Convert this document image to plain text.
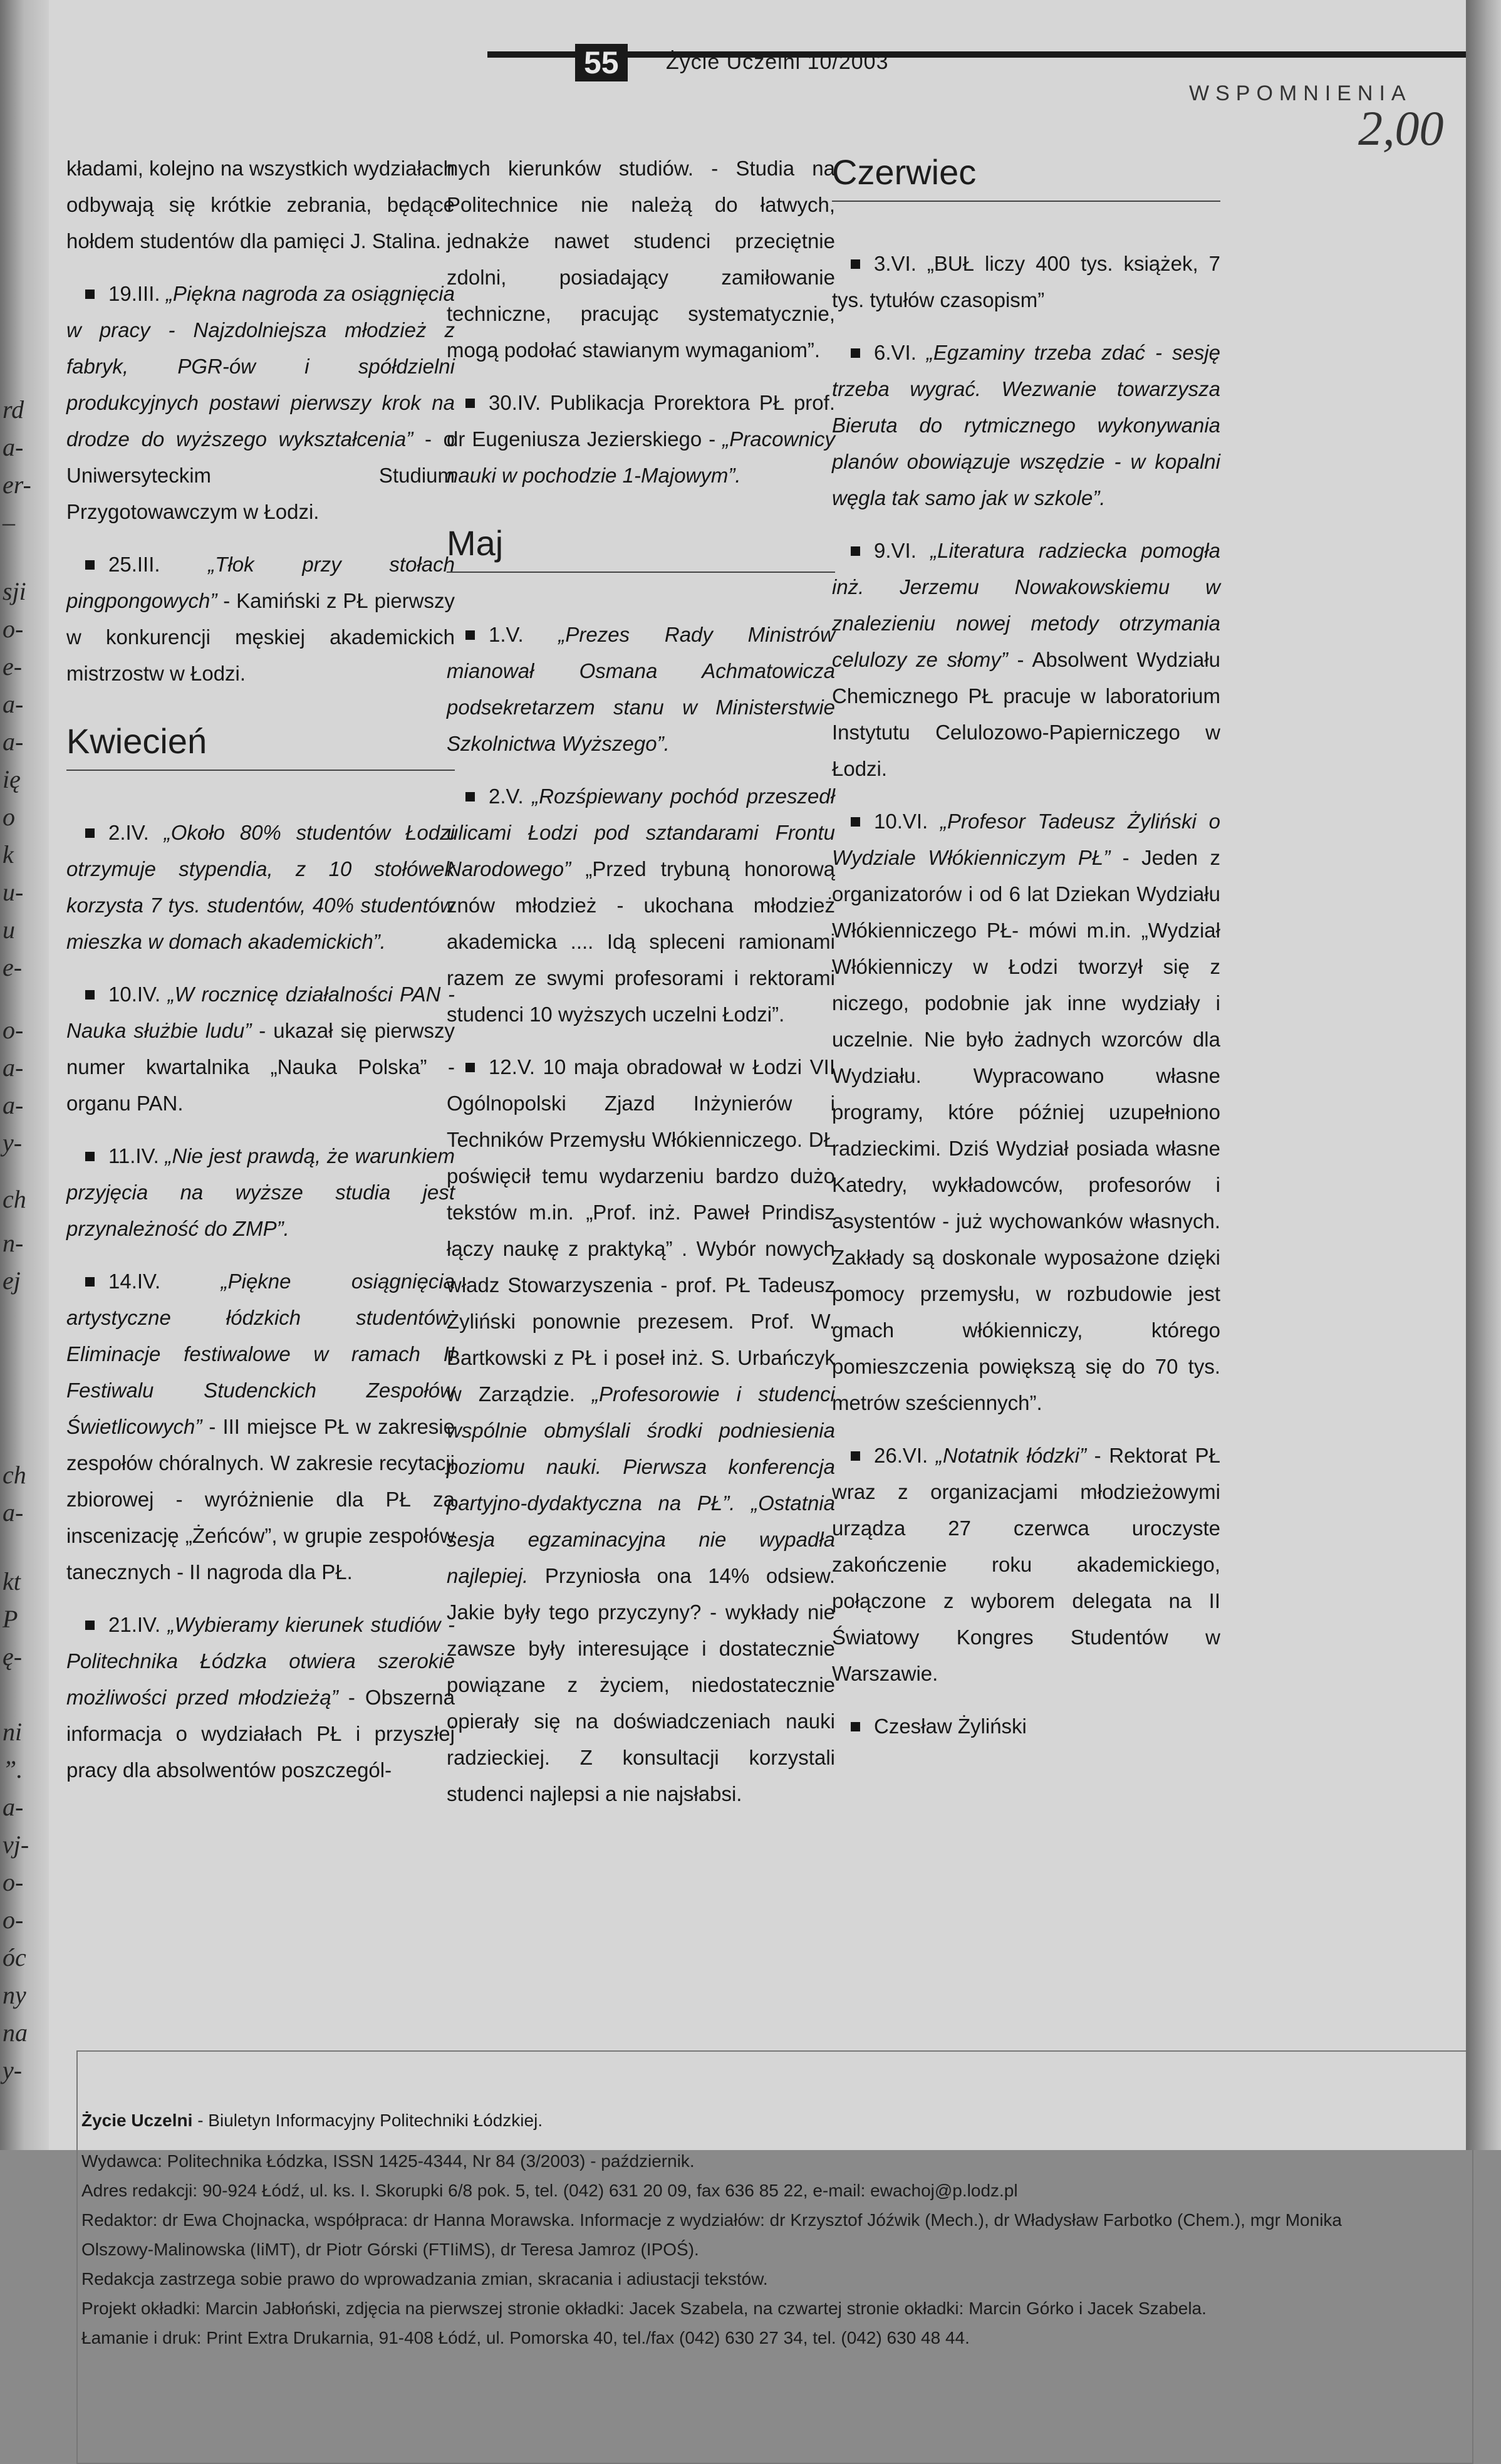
rd
a-
er-
–
sji
o-
e-
a-
a-
ię
o
k
u-
u
e-
o-
a-
a-
y-
ch
n-
ej
ch
a-
kt
P
ę-
ni
”.
a-
vj-
o-
o-
óc
ny
na
y-
55	Życie Uczelni 10/2003
WSPOMNIENIA
2,00

kładami, kolejno na wszystkich wydziałach odbywają się krótkie zebrania, będące hołdem studentów dla pamięci J. Stalina.

19.III. „Piękna nagroda za osiągnięcia w pracy - Najzdolniejsza młodzież z fabryk, PGR-ów i spółdzielni produkcyjnych postawi pierwszy krok na drodze do wyższego wykształcenia” - o Uniwersyteckim Studium Przygotowawczym w Łodzi.

25.III. „Tłok przy stołach pingpongowych” - Kamiński z PŁ pierwszy w konkurencji męskiej akademickich mistrzostw w Łodzi.

Kwiecień

2.IV. „Około 80% studentów Łodzi otrzymuje stypendia, z 10 stołówek korzysta 7 tys. studentów, 40% studentów mieszka w domach akademickich”.

10.IV. „W rocznicę działalności PAN - Nauka służbie ludu” - ukazał się pierwszy numer kwartalnika „Nauka Polska” - organu PAN.

11.IV. „Nie jest prawdą, że warunkiem przyjęcia na wyższe studia jest przynależność do ZMP”.

14.IV.	„Piękne osiągnięcia artystyczne łódzkich studentów. Eliminacje festiwalowe w ramach II Festiwalu Studenckich Zespołów Świetlicowych” - III miejsce PŁ w zakresie zespołów chóralnych. W zakresie recytacji zbiorowej - wyróżnienie dla PŁ za inscenizację „Żeńców”, w grupie zespołów tanecznych - II nagroda dla PŁ.

21.IV. „Wybieramy kierunek studiów - Politechnika Łódzka otwiera szerokie możliwości przed młodzieżą” - Obszerna informacja o wydziałach PŁ i przyszłej pracy dla absolwentów poszczegól-

nych kierunków studiów. - Studia na Politechnice nie należą do łatwych, jednakże nawet studenci przeciętnie zdolni, posiadający zamiłowanie techniczne, pracując systematycznie, mogą podołać stawianym wymaganiom”.

30.IV. Publikacja Prorektora PŁ prof. dr Eugeniusza Jezierskiego - „Pracownicy nauki w pochodzie 1-Majowym”.

Maj

1.V. „Prezes Rady Ministrów mianował Osmana Achmatowicza podsekretarzem stanu w Ministerstwie Szkolnictwa Wyższego”.

2.V. „Rozśpiewany pochód przeszedł ulicami Łodzi pod sztandarami Frontu Narodowego” „Przed trybuną honorową znów młodzież - ukochana młodzież akademicka .... Idą spleceni ramionami razem ze swymi profesorami i rektorami studenci 10 wyższych uczelni Łodzi”.

12.V. 10 maja obradował w Łodzi VII Ogólnopolski Zjazd Inżynierów i Techników Przemysłu Włókienniczego. DŁ poświęcił temu wydarzeniu bardzo dużo tekstów m.in. „Prof. inż. Paweł Prindisz łączy naukę z praktyką” . Wybór nowych władz Stowarzyszenia - prof. PŁ Tadeusz Żyliński ponownie prezesem. Prof. W. Bartkowski z PŁ i poseł inż. S. Urbańczyk w Zarządzie. „Profesorowie i studenci wspólnie obmyślali środki podniesienia poziomu nauki. Pierwsza konferencja partyjno-dydaktyczna na PŁ”. „Ostatnia sesja egzaminacyjna nie wypadła najlepiej. Przyniosła ona 14% odsiew. Jakie były tego przyczyny? - wykłady nie zawsze były interesujące i dostatecznie powiązane z życiem, niedostatecznie opierały się na doświadczeniach nauki radzieckiej. Z konsultacji korzystali studenci najlepsi a nie najsłabsi.

Czerwiec

3.VI. „BUŁ liczy 400 tys. książek, 7 tys. tytułów czasopism”

6.VI. „Egzaminy trzeba zdać - sesję trzeba wygrać. Wezwanie towarzysza Bieruta do rytmicznego wykonywania planów obowiązuje wszędzie - w kopalni węgla tak samo jak w szkole”.

9.VI. „Literatura radziecka pomogła inż. Jerzemu Nowakowskiemu w znalezieniu nowej metody otrzymania celulozy ze słomy” - Absolwent Wydziału Chemicznego PŁ pracuje w laboratorium Instytutu Celulozowo-Papierniczego w Łodzi.

10.VI. „Profesor Tadeusz Żyliński o Wydziale Włókienniczym PŁ” - Jeden z organizatorów i od 6 lat Dziekan Wydziału Włókienniczego PŁ- mówi m.in. „Wydział Włókienniczy w Łodzi tworzył się z niczego, podobnie jak inne wydziały i uczelnie. Nie było żadnych wzorców dla Wydziału. Wypracowano własne programy, które później uzupełniono radzieckimi. Dziś Wydział posiada własne Katedry, wykładowców, profesorów i asystentów - już wychowanków własnych. Zakłady są doskonale wyposażone dzięki pomocy przemysłu, w rozbudowie jest gmach włókienniczy, którego pomieszczenia powiększą się do 70 tys. metrów sześciennych”.

26.VI. „Notatnik łódzki” - Rektorat PŁ wraz z organizacjami młodzieżowymi urządza 27 czerwca uroczyste zakończenie roku akademickiego, połączone z wyborem delegata na II Światowy Kongres Studentów w Warszawie.

Czesław Żyliński

Życie Uczelni - Biuletyn Informacyjny Politechniki Łódzkiej.

Wydawca: Politechnika Łódzka, ISSN 1425-4344, Nr 84 (3/2003) - październik.

Adres redakcji: 90-924 Łódź, ul. ks. I. Skorupki 6/8 pok. 5, tel. (042) 631 20 09, fax 636 85 22, e-mail: ewachoj@p.lodz.pl

Redaktor: dr Ewa Chojnacka, współpraca: dr Hanna Morawska. Informacje z wydziałów: dr Krzysztof Jóźwik (Mech.), dr Władysław Farbotko (Chem.), mgr Monika

Olszowy-Malinowska (IiMT), dr Piotr Górski (FTIiMS), dr Teresa Jamroz (IPOŚ).

Redakcja zastrzega sobie prawo do wprowadzania zmian, skracania i adiustacji tekstów.

Projekt okładki: Marcin Jabłoński, zdjęcia na pierwszej stronie okładki: Jacek Szabela, na czwartej stronie okładki: Marcin Górko i Jacek Szabela.

Łamanie i druk: Print Extra Drukarnia, 91-408 Łódź, ul. Pomorska 40, tel./fax (042) 630 27 34, tel. (042) 630 48 44.
